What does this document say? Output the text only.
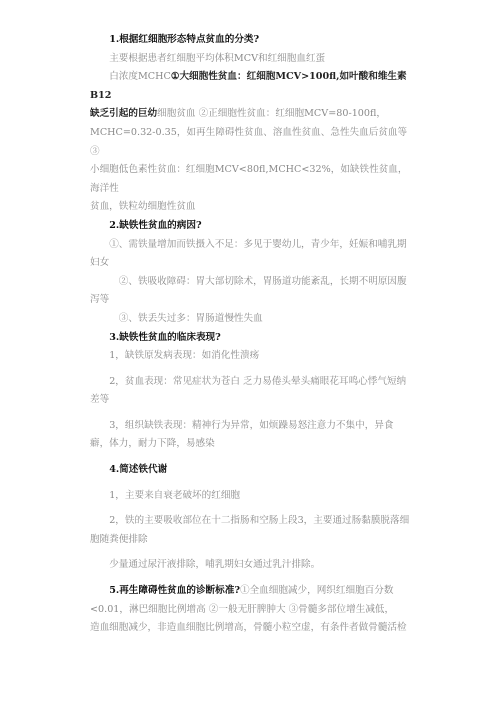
1.根据红细胞形态特点贫血的分类?

主要根据患者红细胞平均体积MCV和红细胞血红蛋

白浓度MCHC①大细胞性贫血：红细胞MCV>100fl,如叶酸和维生素B12

缺乏引起的巨幼细胞贫血 ②正细胞性贫血：红细胞MCV=80-100fl，

MCHC=0.32-0.35，如再生障碍性贫血、溶血性贫血、急性失血后贫血等 ③

小细胞低色素性贫血：红细胞MCV<80fl,MCHC<32%，如缺铁性贫血，海洋性

贫血，铁粒幼细胞性贫血

2.缺铁性贫血的病因?

①、需铁量增加而铁摄入不足：多见于婴幼儿，青少年，妊娠和哺乳期妇女

②、铁吸收障碍：胃大部切除术，胃肠道功能紊乱，长期不明原因腹泻等

③、铁丢失过多：胃肠道慢性失血

3.缺铁性贫血的临床表现?

1，缺铁原发病表现：如消化性溃疡

2，贫血表现：常见症状为苍白 乏力易倦头晕头痛眼花耳鸣心悸气短纳差等

3，组织缺铁表现：精神行为异常，如烦躁易怒注意力不集中，异食癖，体力，耐力下降，易感染

4.简述铁代谢

1，主要来自衰老破坏的红细胞

2，铁的主要吸收部位在十二指肠和空肠上段3，主要通过肠黏膜脱落细胞随粪便排除

少量通过尿汗液排除，哺乳期妇女通过乳汁排除。

5.再生障碍性贫血的诊断标准?①全血细胞减少，网织红细胞百分数

<0.01，淋巴细胞比例增高 ②一般无肝脾肿大 ③骨髓多部位增生减低，

造血细胞减少，非造血细胞比例增高，骨髓小粒空虚，有条件者做骨髓活检
